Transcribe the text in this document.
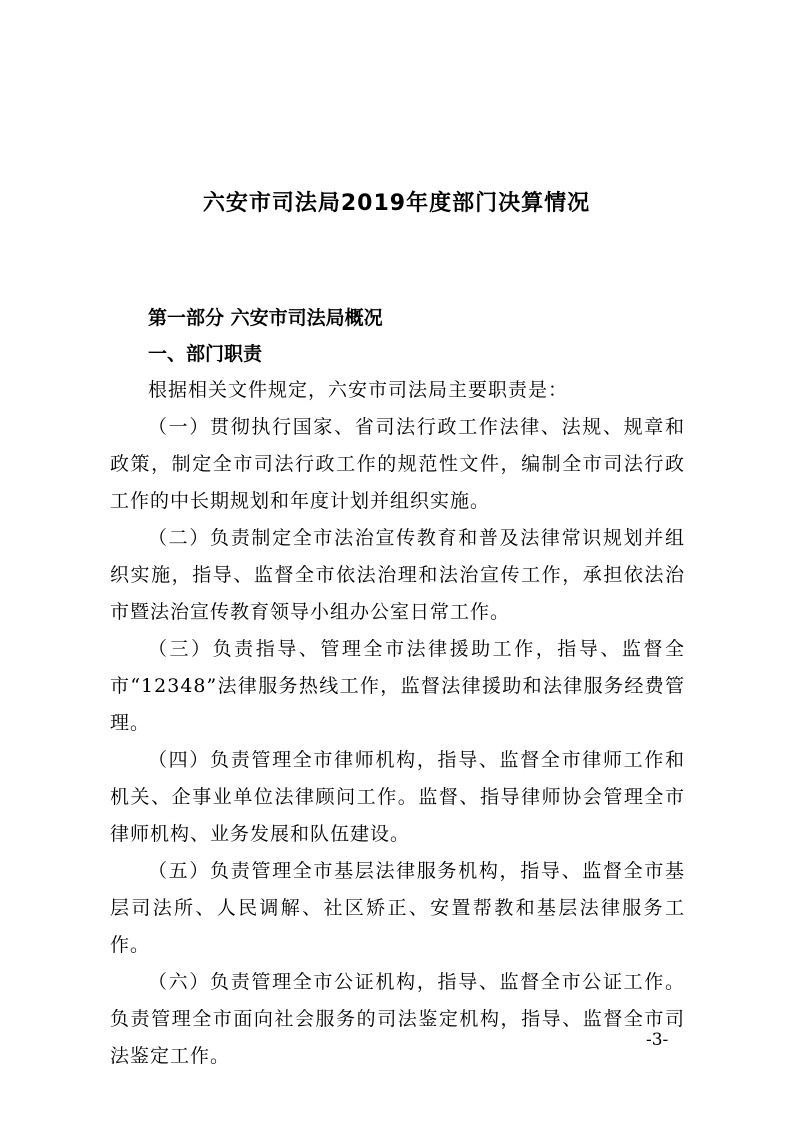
六安市司法局2019年度部门决算情况
第一部分 六安市司法局概况
一、部门职责

根据相关文件规定，六安市司法局主要职责是：

（一）贯彻执行国家、省司法行政工作法律、法规、规章和政策，制定全市司法行政工作的规范性文件，编制全市司法行政工作的中长期规划和年度计划并组织实施。

（二）负责制定全市法治宣传教育和普及法律常识规划并组织实施，指导、监督全市依法治理和法治宣传工作，承担依法治市暨法治宣传教育领导小组办公室日常工作。

（三）负责指导、管理全市法律援助工作，指导、监督全市“12348”法律服务热线工作，监督法律援助和法律服务经费管理。

（四）负责管理全市律师机构，指导、监督全市律师工作和机关、企事业单位法律顾问工作。监督、指导律师协会管理全市律师机构、业务发展和队伍建设。

（五）负责管理全市基层法律服务机构，指导、监督全市基层司法所、人民调解、社区矫正、安置帮教和基层法律服务工作。

（六）负责管理全市公证机构，指导、监督全市公证工作。负责管理全市面向社会服务的司法鉴定机构，指导、监督全市司法鉴定工作。

-3-
